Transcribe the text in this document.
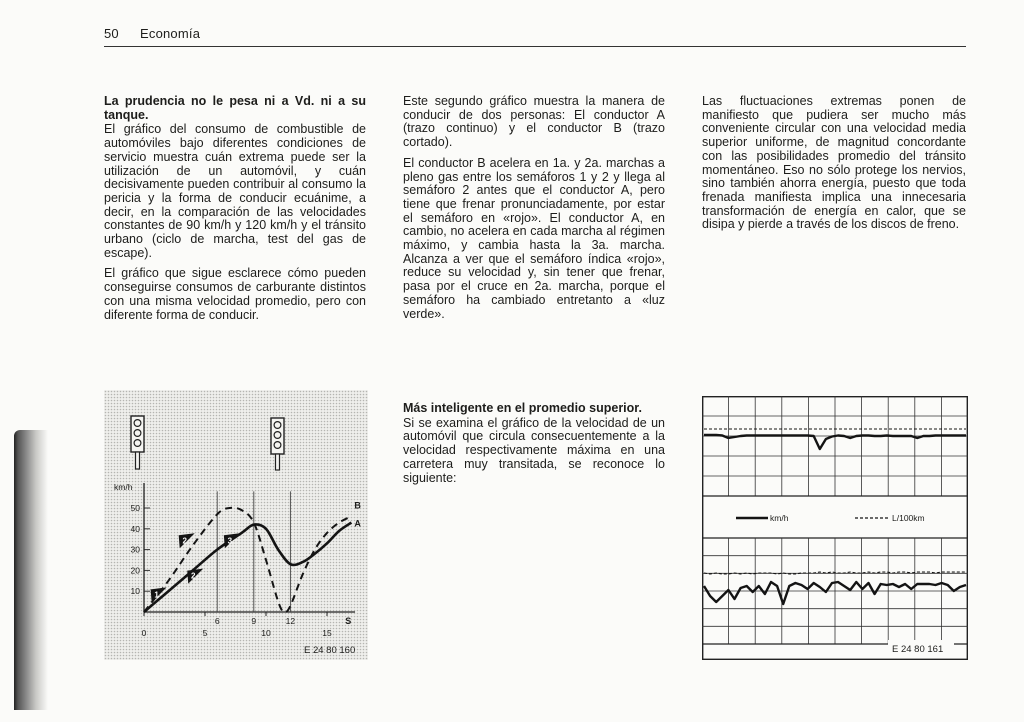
50 Economía
La prudencia no le pesa ni a Vd. ni a su tanque.

El gráfico del consumo de combustible de automóviles bajo diferentes condiciones de servicio muestra cuán extrema puede ser la utilización de un automóvil, y cuán decisivamente pueden contribuir al consumo la pericia y la forma de conducir ecuánime, a decir, en la comparación de las velocidades constantes de 90 km/h y 120 km/h y el tránsito urbano (ciclo de marcha, test del gas de escape).

El gráfico que sigue esclarece cómo pueden conseguirse consumos de carburante distintos con una misma velocidad promedio, pero con diferente forma de conducir.

Este segundo gráfico muestra la manera de conducir de dos personas: El conductor A (trazo continuo) y el conductor B (trazo cortado).

El conductor B acelera en 1a. y 2a. marchas a pleno gas entre los semáforos 1 y 2 y llega al semáforo 2 antes que el conductor A, pero tiene que frenar pronunciadamente, por estar el semáforo en «rojo». El conductor A, en cambio, no acelera en cada marcha al régimen máximo, y cambia hasta la 3a. marcha. Alcanza a ver que el semáforo índica «rojo», reduce su velocidad y, sin tener que frenar, pasa por el cruce en 2a. marcha, porque el semáforo ha cambiado entretanto a «luz verde».

Las fluctuaciones extremas ponen de manifiesto que pudiera ser mucho más conveniente circular con una velocidad media superior uniforme, de magnitud concordante con las posibilidades promedio del tránsito momentáneo. Eso no sólo protege los nervios, sino también ahorra energía, puesto que toda frenada manifiesta implica una innecesaria transformación de energía en calor, que se disipa y pierde a través de los discos de freno.

Más inteligente en el promedio superior.

Si se examina el gráfico de la velocidad de un automóvil que circula consecuentemente a la velocidad respectivamente máxima en una carretera muy transitada, se reconoce lo siguiente:

10
20
30
40
50
km/h
0	5	10	15
6	9	12	S
A
B
1
2
2
3
E 24 80 160
km/h	L/100km
E 24 80 161
